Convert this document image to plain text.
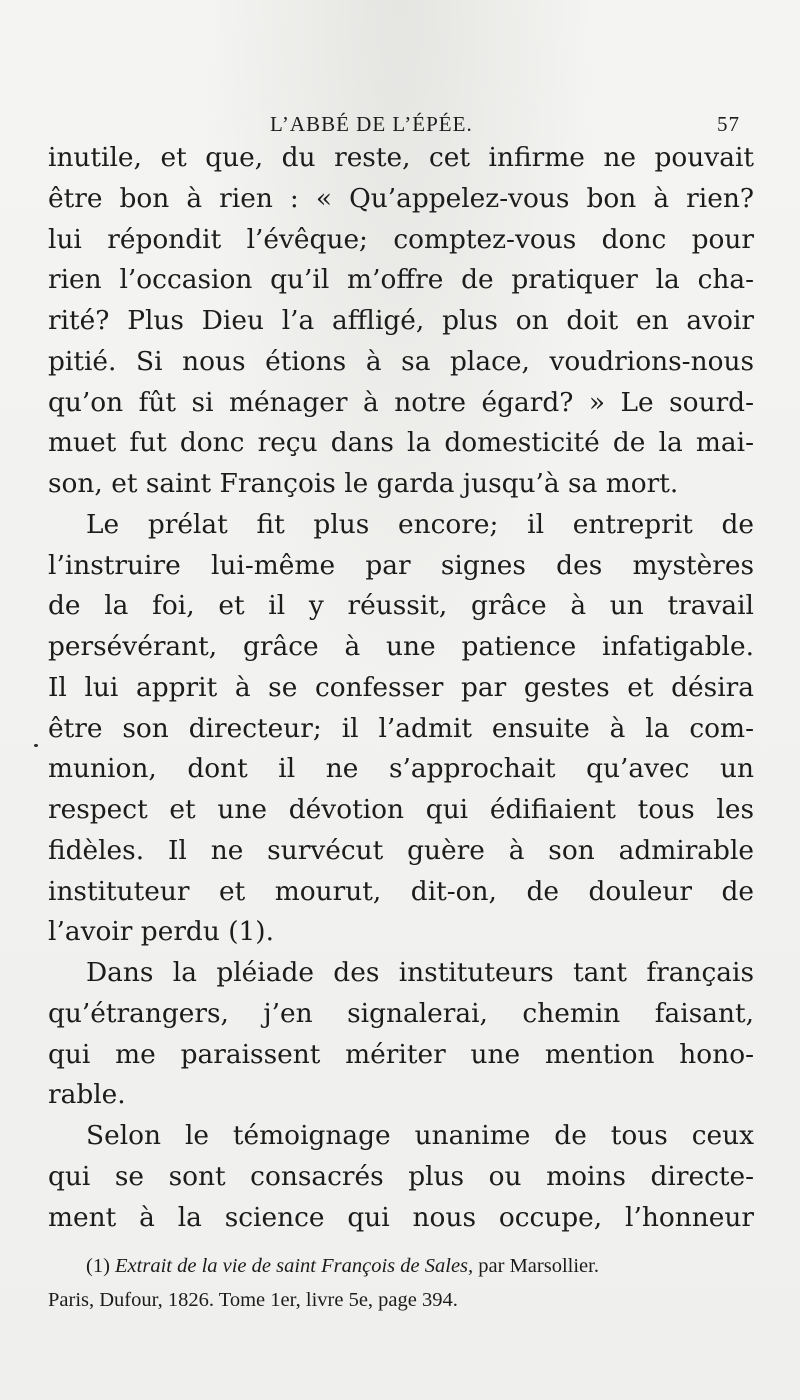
L’ABBÉ DE L’ÉPÉE.	57
inutile, et que, du reste, cet infirme ne pouvait
être bon à rien : « Qu’appelez-vous bon à rien?
lui répondit l’évêque; comptez-vous donc pour
rien l’occasion qu’il m’offre de pratiquer la cha-
rité? Plus Dieu l’a affligé, plus on doit en avoir
pitié. Si nous étions à sa place, voudrions-nous
qu’on fût si ménager à notre égard? » Le sourd-
muet fut donc reçu dans la domesticité de la mai-
son, et saint François le garda jusqu’à sa mort.
Le prélat fit plus encore; il entreprit de
l’instruire lui-même par signes des mystères
de la foi, et il y réussit, grâce à un travail
persévérant, grâce à une patience infatigable.
Il lui apprit à se confesser par gestes et désira
être son directeur; il l’admit ensuite à la com-
munion, dont il ne s’approchait qu’avec un
respect et une dévotion qui édifiaient tous les
fidèles. Il ne survécut guère à son admirable
instituteur et mourut, dit-on, de douleur de
l’avoir perdu (1).
Dans la pléiade des instituteurs tant français
qu’étrangers, j’en signalerai, chemin faisant,
qui me paraissent mériter une mention hono-
rable.
Selon le témoignage unanime de tous ceux
qui se sont consacrés plus ou moins directe-
ment à la science qui nous occupe, l’honneur
(1) Extrait de la vie de saint François de Sales, par Marsollier.
Paris, Dufour, 1826. Tome 1er, livre 5e, page 394.
